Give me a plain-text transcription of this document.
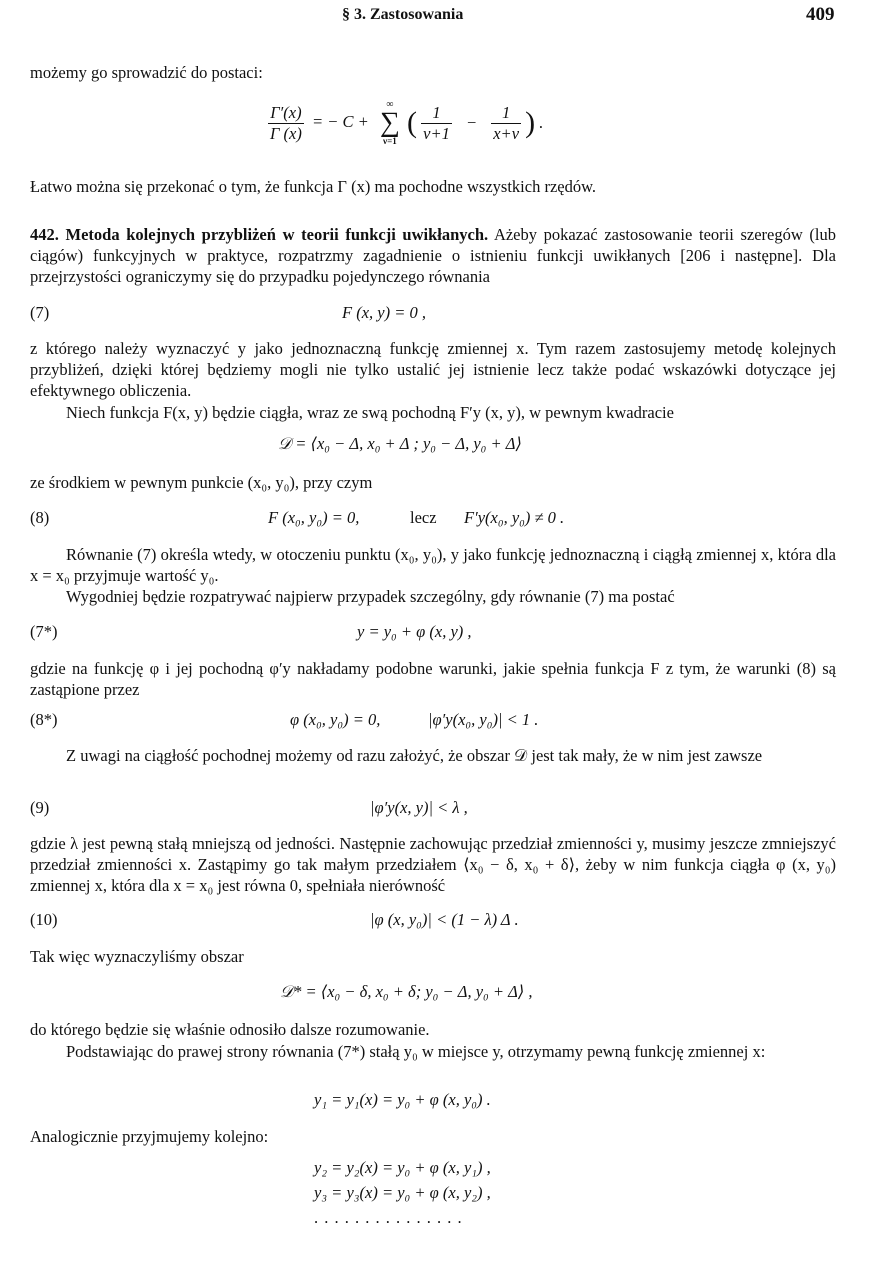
§ 3. Zastosowania	409
możemy go sprowadzić do postaci:
$\frac{\Gamma'(x)}{\Gamma (x)}$ = − C +
∞
∑
ν=1
( $\frac{1}{\nu+1} - \frac{1}{x+\nu}$ ) .
Łatwo można się przekonać o tym, że funkcja Γ (x) ma pochodne wszystkich rzędów.
442. Metoda kolejnych przybliżeń w teorii funkcji uwikłanych. Ażeby pokazać zastosowanie teorii szeregów (lub ciągów) funkcyjnych w praktyce, rozpatrzmy zagadnienie o istnieniu funkcji uwikłanych [206 i następne]. Dla przejrzystości ograniczymy się do przypadku pojedynczego równania
(7)	F (x, y) = 0 ,
z którego należy wyznaczyć y jako jednoznaczną funkcję zmiennej x. Tym razem zastosujemy metodę kolejnych przybliżeń, dzięki której będziemy mogli nie tylko ustalić jej istnienie lecz także podać wskazówki dotyczące jej efektywnego obliczenia.
Niech funkcja F(x, y) będzie ciągła, wraz ze swą pochodną F′y (x, y), w pewnym kwadracie
𝒟 = ⟨x₀ − Δ, x₀ + Δ ; y₀ − Δ, y₀ + Δ⟩
ze środkiem w pewnym punkcie (x₀, y₀), przy czym
(8)	F (x₀, y₀) = 0,	lecz F′y(x₀, y₀) ≠ 0 .
Równanie (7) określa wtedy, w otoczeniu punktu (x₀, y₀), y jako funkcję jednoznaczną i ciągłą zmiennej x, która dla x = x₀ przyjmuje wartość y₀.
Wygodniej będzie rozpatrywać najpierw przypadek szczególny, gdy równanie (7) ma postać
(7*)	y = y₀ + φ (x, y) ,
gdzie na funkcję φ i jej pochodną φ′y nakładamy podobne warunki, jakie spełnia funkcja F z tym, że warunki (8) są zastąpione przez
(8*)	φ (x₀, y₀) = 0,	|φ′y(x₀, y₀)| < 1 .
Z uwagi na ciągłość pochodnej możemy od razu założyć, że obszar 𝒟 jest tak mały, że w nim jest zawsze
(9)	|φ′y(x, y)| < λ ,
gdzie λ jest pewną stałą mniejszą od jedności. Następnie zachowując przedział zmienności y, musimy jeszcze zmniejszyć przedział zmienności x. Zastąpimy go tak małym przedziałem ⟨x₀ − δ, x₀ + δ⟩, żeby w nim funkcja ciągła φ (x, y₀) zmiennej x, która dla x = x₀ jest równa 0, spełniała nierówność
(10)	|φ (x, y₀)| < (1 − λ) Δ .
Tak więc wyznaczyliśmy obszar
𝒟* = ⟨x₀ − δ, x₀ + δ; y₀ − Δ, y₀ + Δ⟩ ,
do którego będzie się właśnie odnosiło dalsze rozumowanie.
Podstawiając do prawej strony równania (7*) stałą y₀ w miejsce y, otrzymamy pewną funkcję zmiennej x:
y₁ = y₁(x) = y₀ + φ (x, y₀) .
Analogicznie przyjmujemy kolejno:
y₂ = y₂(x) = y₀ + φ (x, y₁) ,
y₃ = y₃(x) = y₀ + φ (x, y₂) ,
. . . . . . . . . . . . . . .
